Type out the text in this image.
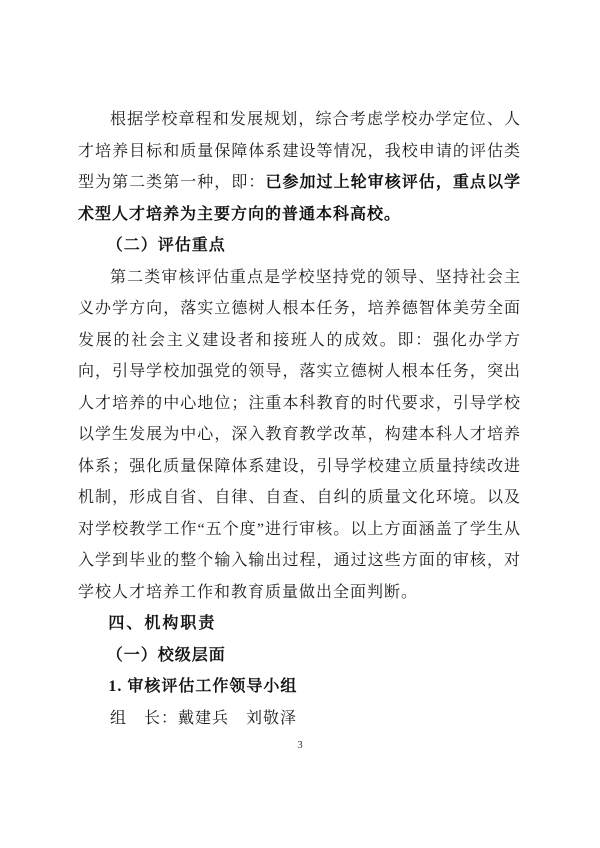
根据学校章程和发展规划，综合考虑学校办学定位、人才培养目标和质量保障体系建设等情况，我校申请的评估类型为第二类第一种，即：已参加过上轮审核评估，重点以学术型人才培养为主要方向的普通本科高校。

（二）评估重点

第二类审核评估重点是学校坚持党的领导、坚持社会主义办学方向，落实立德树人根本任务，培养德智体美劳全面发展的社会主义建设者和接班人的成效。即：强化办学方向，引导学校加强党的领导，落实立德树人根本任务，突出人才培养的中心地位；注重本科教育的时代要求，引导学校以学生发展为中心，深入教育教学改革，构建本科人才培养体系；强化质量保障体系建设，引导学校建立质量持续改进机制，形成自省、自律、自查、自纠的质量文化环境。以及对学校教学工作“五个度”进行审核。以上方面涵盖了学生从入学到毕业的整个输入输出过程，通过这些方面的审核，对学校人才培养工作和教育质量做出全面判断。

四、机构职责
（一）校级层面
1. 审核评估工作领导小组

组　长：戴建兵　刘敬泽

3
